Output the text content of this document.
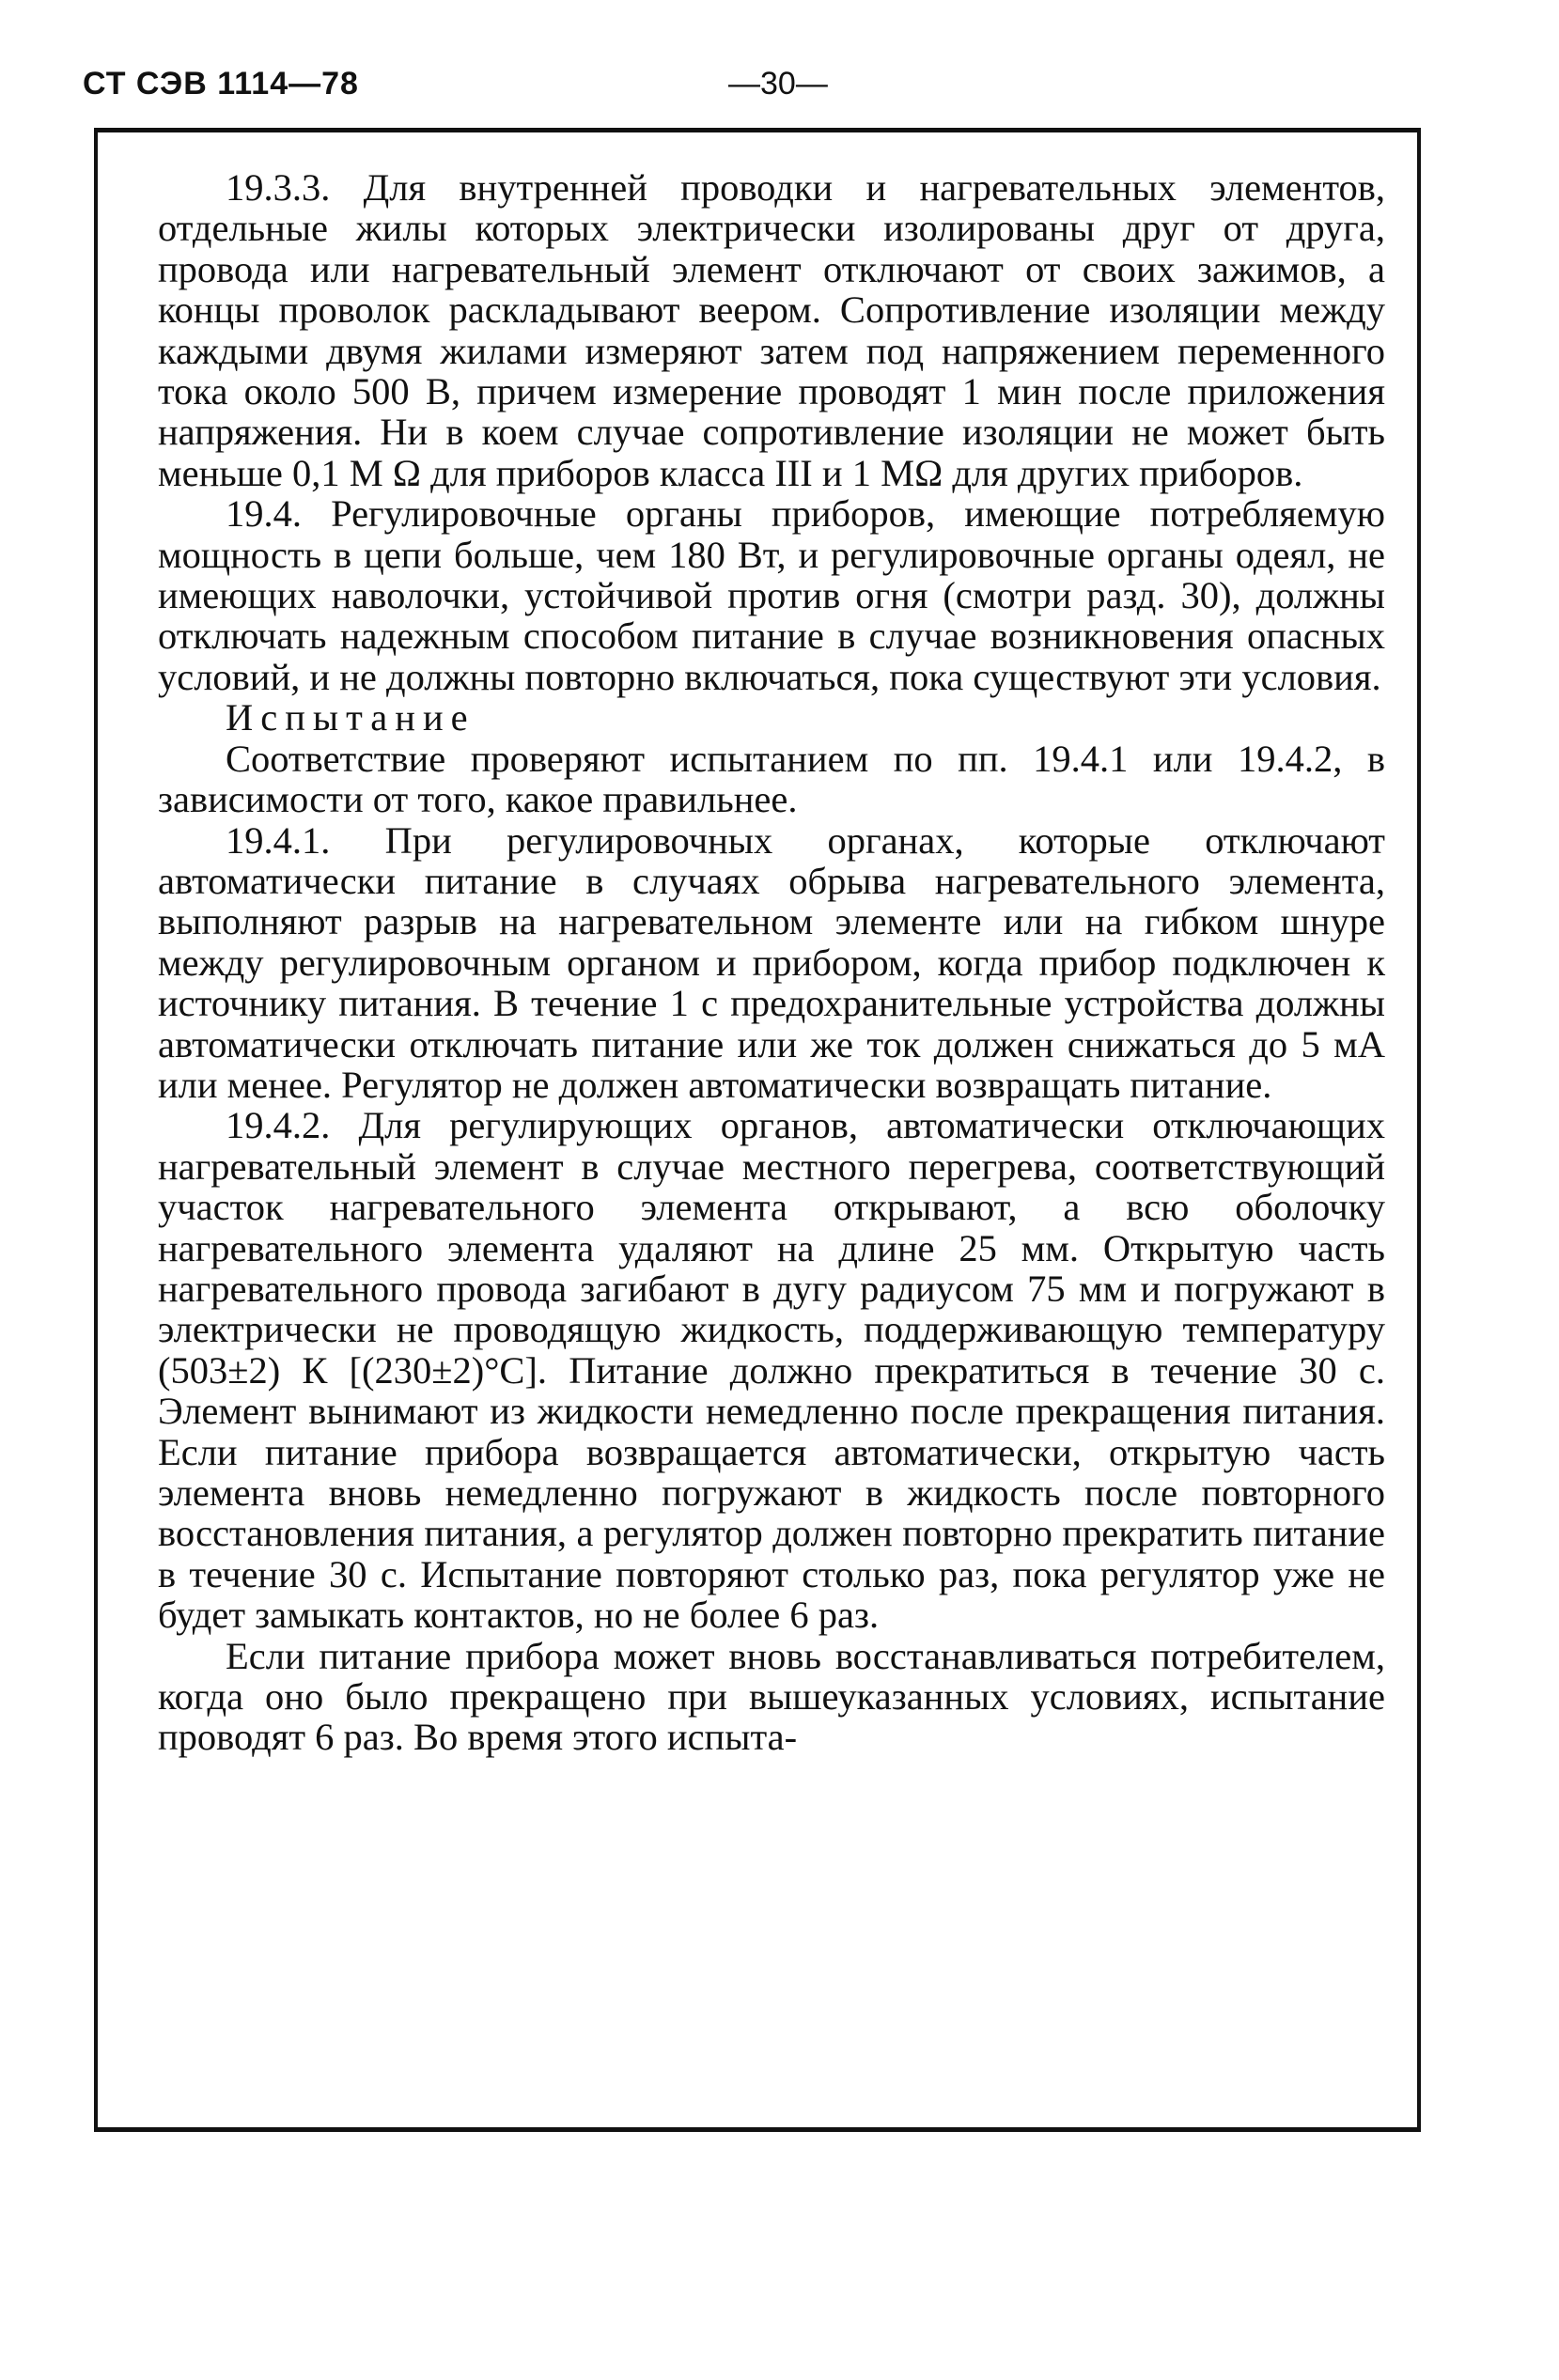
СТ СЭВ 1114—78	—30—

19.3.3. Для внутренней проводки и нагревательных элементов, отдельные жилы которых электрически изолированы друг от друга, провода или нагревательный элемент отключают от своих зажимов, а концы проволок раскладывают веером. Сопротивление изоляции между каждыми двумя жилами измеряют затем под напряжением переменного тока около 500 В, причем измерение проводят 1 мин после приложения напряжения. Ни в коем случае сопротивление изоляции не может быть меньше 0,1 M Ω для приборов класса III и 1 MΩ для других приборов.

19.4. Регулировочные органы приборов, имеющие потребляемую мощность в цепи больше, чем 180 Вт, и регулировочные органы одеял, не имеющих наволочки, устойчивой против огня (смотри разд. 30), должны отключать надежным способом питание в случае возникновения опасных условий, и не должны повторно включаться, пока существуют эти условия.

Испытание

Соответствие проверяют испытанием по пп. 19.4.1 или 19.4.2, в зависимости от того, какое правильнее.

19.4.1. При регулировочных органах, которые отключают автоматически питание в случаях обрыва нагревательного элемента, выполняют разрыв на нагревательном элементе или на гибком шнуре между регулировочным органом и прибором, когда прибор подключен к источнику питания. В течение 1 с предохранительные устройства должны автоматически отключать питание или же ток должен снижаться до 5 мА или менее. Регулятор не должен автоматически возвращать питание.

19.4.2. Для регулирующих органов, автоматически отключающих нагревательный элемент в случае местного перегрева, соответствующий участок нагревательного элемента открывают, а всю оболочку нагревательного элемента удаляют на длине 25 мм. Открытую часть нагревательного провода загибают в дугу радиусом 75 мм и погружают в электрически не проводящую жидкость, поддерживающую температуру (503±2) К [(230±2)°С]. Питание должно прекратиться в течение 30 с. Элемент вынимают из жидкости немедленно после прекращения питания. Если питание прибора возвращается автоматически, открытую часть элемента вновь немедленно погружают в жидкость после повторного восстановления питания, а регулятор должен повторно прекратить питание в течение 30 с. Испытание повторяют столько раз, пока регулятор уже не будет замыкать контактов, но не более 6 раз.

Если питание прибора может вновь восстанавливаться потребителем, когда оно было прекращено при вышеуказанных условиях, испытание проводят 6 раз. Во время этого испыта-
